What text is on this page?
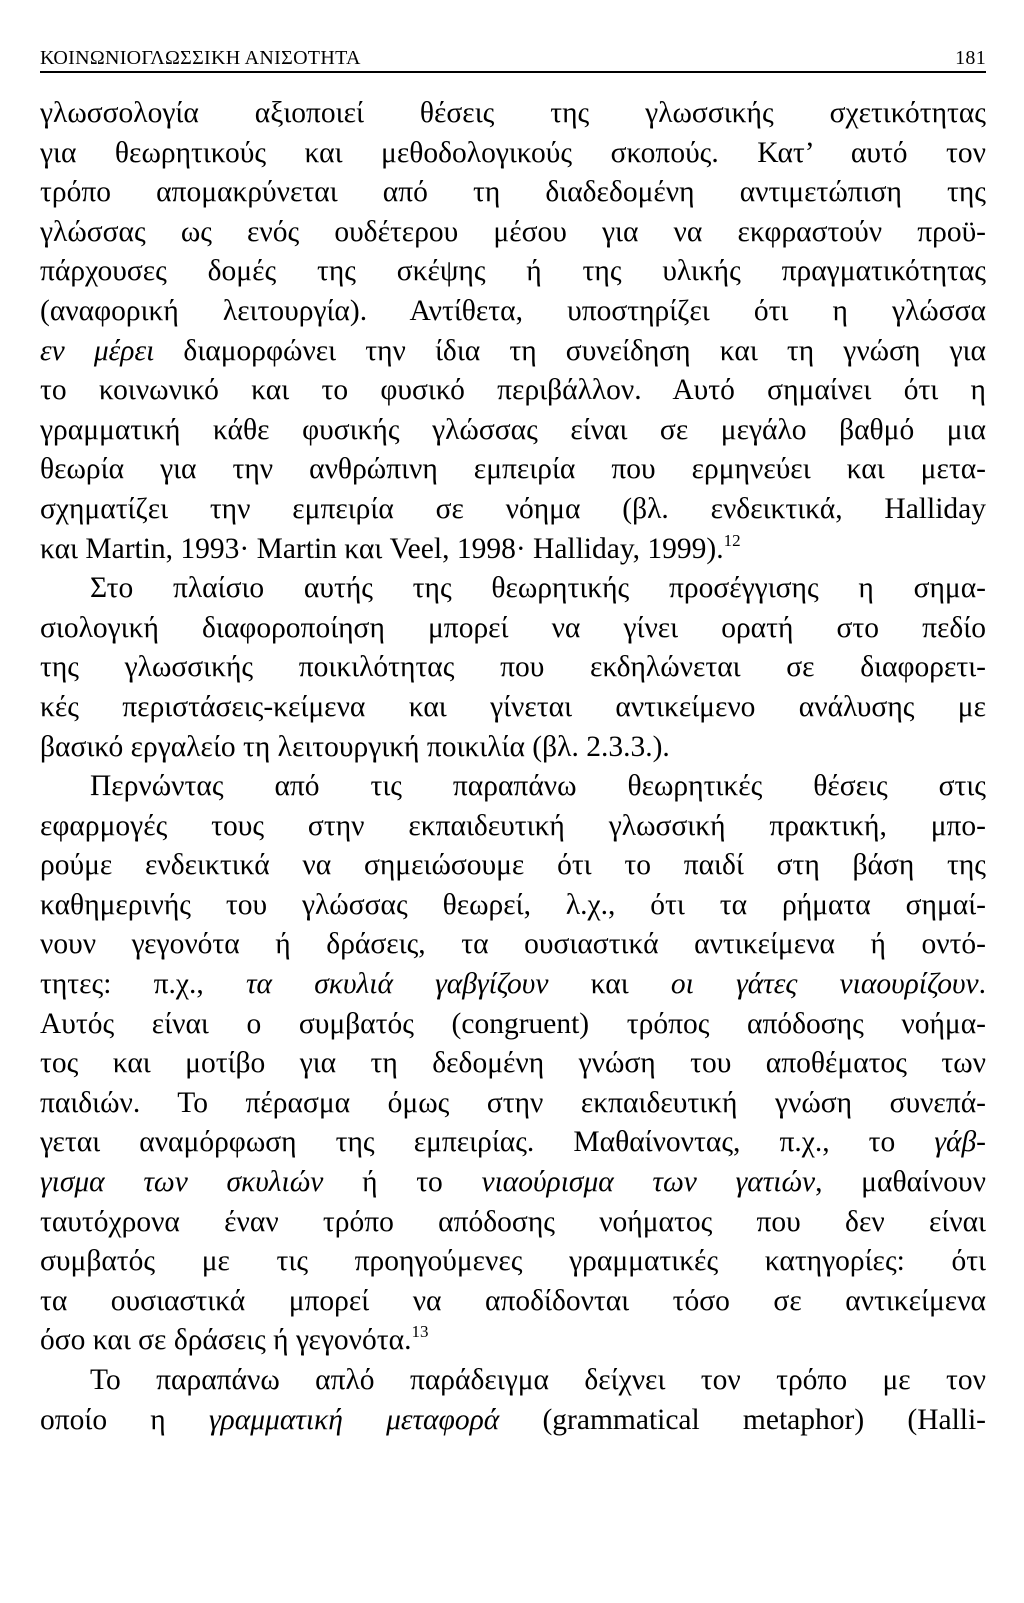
ΚΟΙΝΩΝΙΟΓΛΩΣΣΙΚΗ ΑΝΙΣΟΤΗΤΑ	181
γλωσσολογία αξιοποιεί θέσεις της γλωσσικής σχετικότητας
για θεωρητικούς και μεθοδολογικούς σκοπούς. Κατ’ αυτό τον
τρόπο απομακρύνεται από τη διαδεδομένη αντιμετώπιση της
γλώσσας ως ενός ουδέτερου μέσου για να εκφραστούν προϋ-
πάρχουσες δομές της σκέψης ή της υλικής πραγματικότητας
(αναφορική λειτουργία). Αντίθετα, υποστηρίζει ότι η γλώσσα
εν μέρει διαμορφώνει την ίδια τη συνείδηση και τη γνώση για
το κοινωνικό και το φυσικό περιβάλλον. Αυτό σημαίνει ότι η
γραμματική κάθε φυσικής γλώσσας είναι σε μεγάλο βαθμό μια
θεωρία για την ανθρώπινη εμπειρία που ερμηνεύει και μετα-
σχηματίζει την εμπειρία σε νόημα (βλ. ενδεικτικά, Halliday
και Martin, 1993· Martin και Veel, 1998· Halliday, 1999).$^{12}$
Στο πλαίσιο αυτής της θεωρητικής προσέγγισης η σημα-
σιολογική διαφοροποίηση μπορεί να γίνει ορατή στο πεδίο
της γλωσσικής ποικιλότητας που εκδηλώνεται σε διαφορετι-
κές περιστάσεις-κείμενα και γίνεται αντικείμενο ανάλυσης με
βασικό εργαλείο τη λειτουργική ποικιλία (βλ. 2.3.3.).
Περνώντας από τις παραπάνω θεωρητικές θέσεις στις
εφαρμογές τους στην εκπαιδευτική γλωσσική πρακτική, μπο-
ρούμε ενδεικτικά να σημειώσουμε ότι το παιδί στη βάση της
καθημερινής του γλώσσας θεωρεί, λ.χ., ότι τα ρήματα σημαί-
νουν γεγονότα ή δράσεις, τα ουσιαστικά αντικείμενα ή οντό-
τητες: π.χ., τα σκυλιά γαβγίζουν και οι γάτες νιαουρίζουν.
Αυτός είναι ο συμβατός (congruent) τρόπος απόδοσης νοήμα-
τος και μοτίβο για τη δεδομένη γνώση του αποθέματος των
παιδιών. Το πέρασμα όμως στην εκπαιδευτική γνώση συνεπά-
γεται αναμόρφωση της εμπειρίας. Μαθαίνοντας, π.χ., το γάβ-
γισμα των σκυλιών ή το νιαούρισμα των γατιών, μαθαίνουν
ταυτόχρονα έναν τρόπο απόδοσης νοήματος που δεν είναι
συμβατός με τις προηγούμενες γραμματικές κατηγορίες: ότι
τα ουσιαστικά μπορεί να αποδίδονται τόσο σε αντικείμενα
όσο και σε δράσεις ή γεγονότα.$^{13}$
Το παραπάνω απλό παράδειγμα δείχνει τον τρόπο με τον
οποίο η γραμματική μεταφορά (grammatical metaphor) (Halli-
